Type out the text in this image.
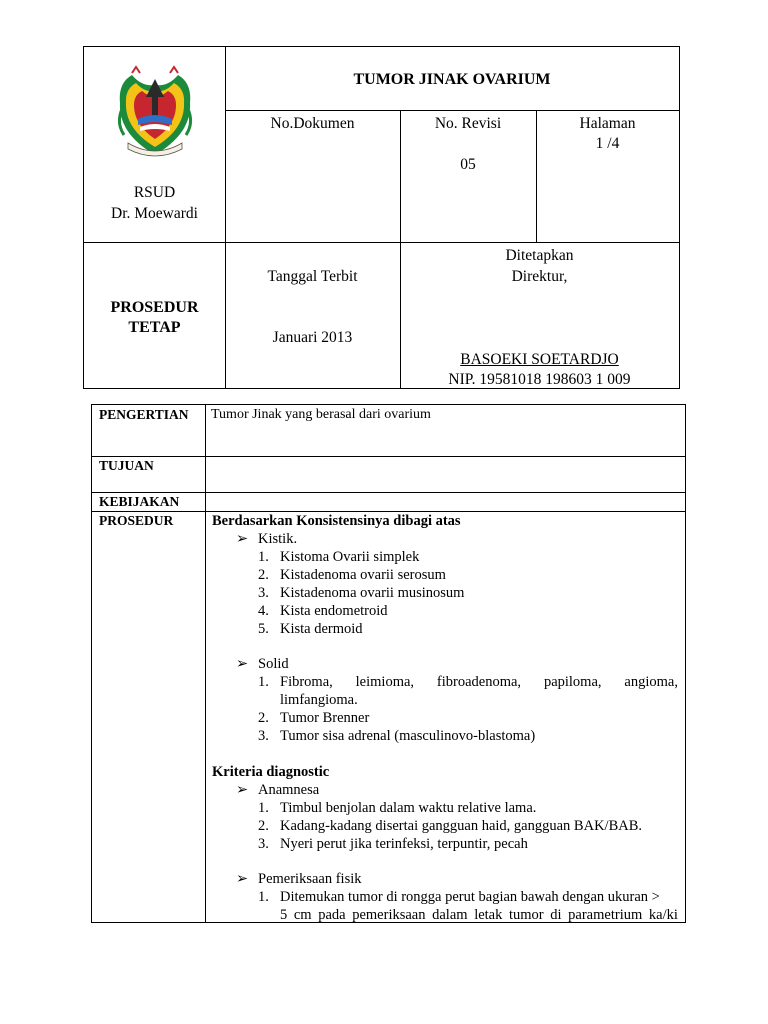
RSUD
Dr. Moewardi
TUMOR JINAK OVARIUM
No.Dokumen	No. Revisi
05
Halaman
1 /4
PROSEDUR
TETAP
Tanggal Terbit
Januari 2013
Ditetapkan
Direktur,
BASOEKI SOETARDJO
NIP. 19581018 198603 1 009
PENGERTIAN Tumor Jinak yang berasal dari ovarium
TUJUAN
KEBIJAKAN
PROSEDUR	Berdasarkan Konsistensinya dibagi atas
➢ Kistik.
1. Kistoma Ovarii simplek
2. Kistadenoma ovarii serosum
3. Kistadenoma ovarii musinosum
4. Kista endometroid
5. Kista dermoid
➢ Solid
1. Fibroma, leimioma, fibroadenoma, papiloma, angioma,
limfangioma.
2. Tumor Brenner
3. Tumor sisa adrenal (masculinovo-blastoma)
Kriteria diagnostic
➢ Anamnesa
1. Timbul benjolan dalam waktu relative lama.
2. Kadang-kadang disertai gangguan haid, gangguan BAK/BAB.
3. Nyeri perut jika terinfeksi, terpuntir, pecah
➢ Pemeriksaan fisik
1. Ditemukan tumor di rongga perut bagian bawah dengan ukuran >
5 cm pada pemeriksaan dalam letak tumor di parametrium ka/ki
